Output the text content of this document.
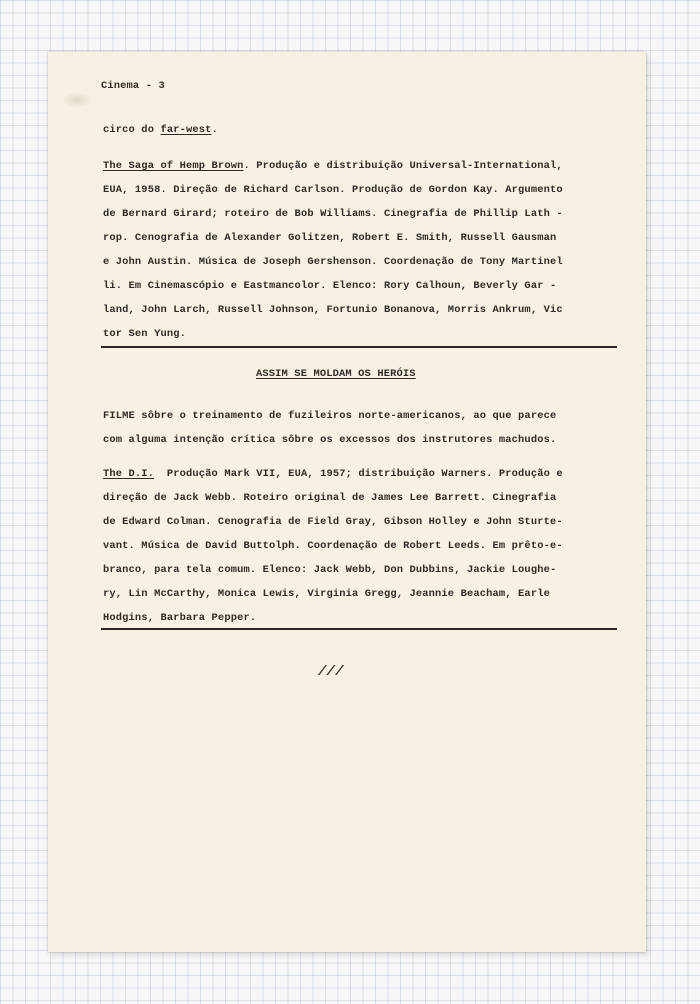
Cinema - 3
circo do far-west.
The Saga of Hemp Brown. Produção e distribuição Universal-International,
EUA, 1958. Direção de Richard Carlson. Produção de Gordon Kay. Argumento
de Bernard Girard; roteiro de Bob Williams. Cinegrafia de Phillip Lath -
rop. Cenografia de Alexander Golitzen, Robert E. Smith, Russell Gausman
e John Austin. Música de Joseph Gershenson. Coordenação de Tony Martinel
li. Em Cinemascópio e Eastmancolor. Elenco: Rory Calhoun, Beverly Gar -
land, John Larch, Russell Johnson, Fortunio Bonanova, Morris Ankrum, Vic
tor Sen Yung.
ASSIM SE MOLDAM OS HERÓIS
FILME sôbre o treinamento de fuzileiros norte-americanos, ao que parece
com alguma intenção crítica sôbre os excessos dos instrutores machudos.
The D.I.  Produção Mark VII, EUA, 1957; distribuição Warners. Produção e
direção de Jack Webb. Roteiro original de James Lee Barrett. Cinegrafia
de Edward Colman. Cenografia de Field Gray, Gibson Holley e John Sturte-
vant. Música de David Buttolph. Coordenação de Robert Leeds. Em prêto-e-
branco, para tela comum. Elenco: Jack Webb, Don Dubbins, Jackie Loughe-
ry, Lin McCarthy, Monica Lewis, Virginia Gregg, Jeannie Beacham, Earle
Hodgins, Barbara Pepper.
///
